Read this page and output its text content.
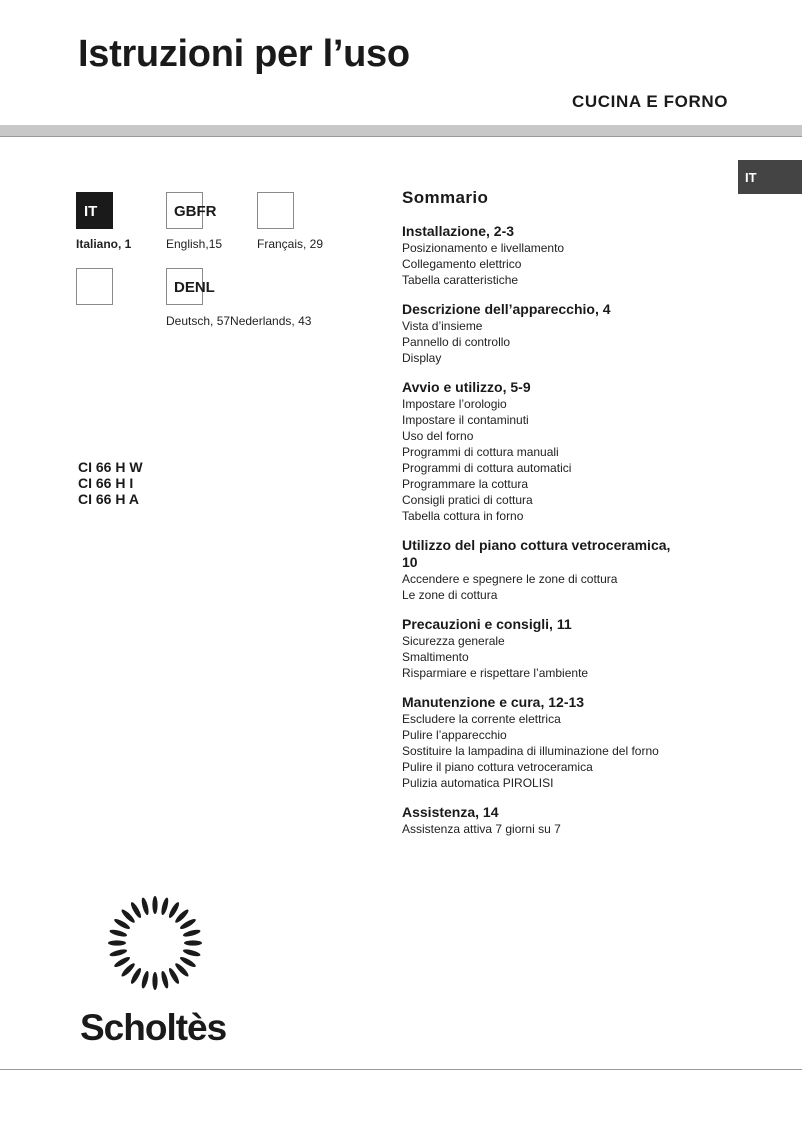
Istruzioni per l’uso
CUCINA E FORNO
IT
IT
Italiano, 1
GBFR
English,15	Français, 29
DENL
Deutsch, 57Nederlands, 43
CI 66 H W
CI 66 H I
CI 66 H A
Sommario
Installazione, 2-3
Posizionamento e livellamento
Collegamento elettrico
Tabella caratteristiche
Descrizione dell’apparecchio, 4
Vista d’insieme
Pannello di controllo
Display
Avvio e utilizzo, 5-9
Impostare l’orologio
Impostare il contaminuti
Uso del forno
Programmi di cottura manuali
Programmi di cottura automatici
Programmare la cottura
Consigli pratici di cottura
Tabella cottura in forno
Utilizzo del piano cottura vetroceramica,
10
Accendere e spegnere le zone di cottura
Le zone di cottura
Precauzioni e consigli, 11
Sicurezza generale
Smaltimento
Risparmiare e rispettare l’ambiente
Manutenzione e cura, 12-13
Escludere la corrente elettrica
Pulire l’apparecchio
Sostituire la lampadina di illuminazione del forno
Pulire il piano cottura vetroceramica
Pulizia automatica PIROLISI
Assistenza, 14
Assistenza attiva 7 giorni su 7
Scholtès
